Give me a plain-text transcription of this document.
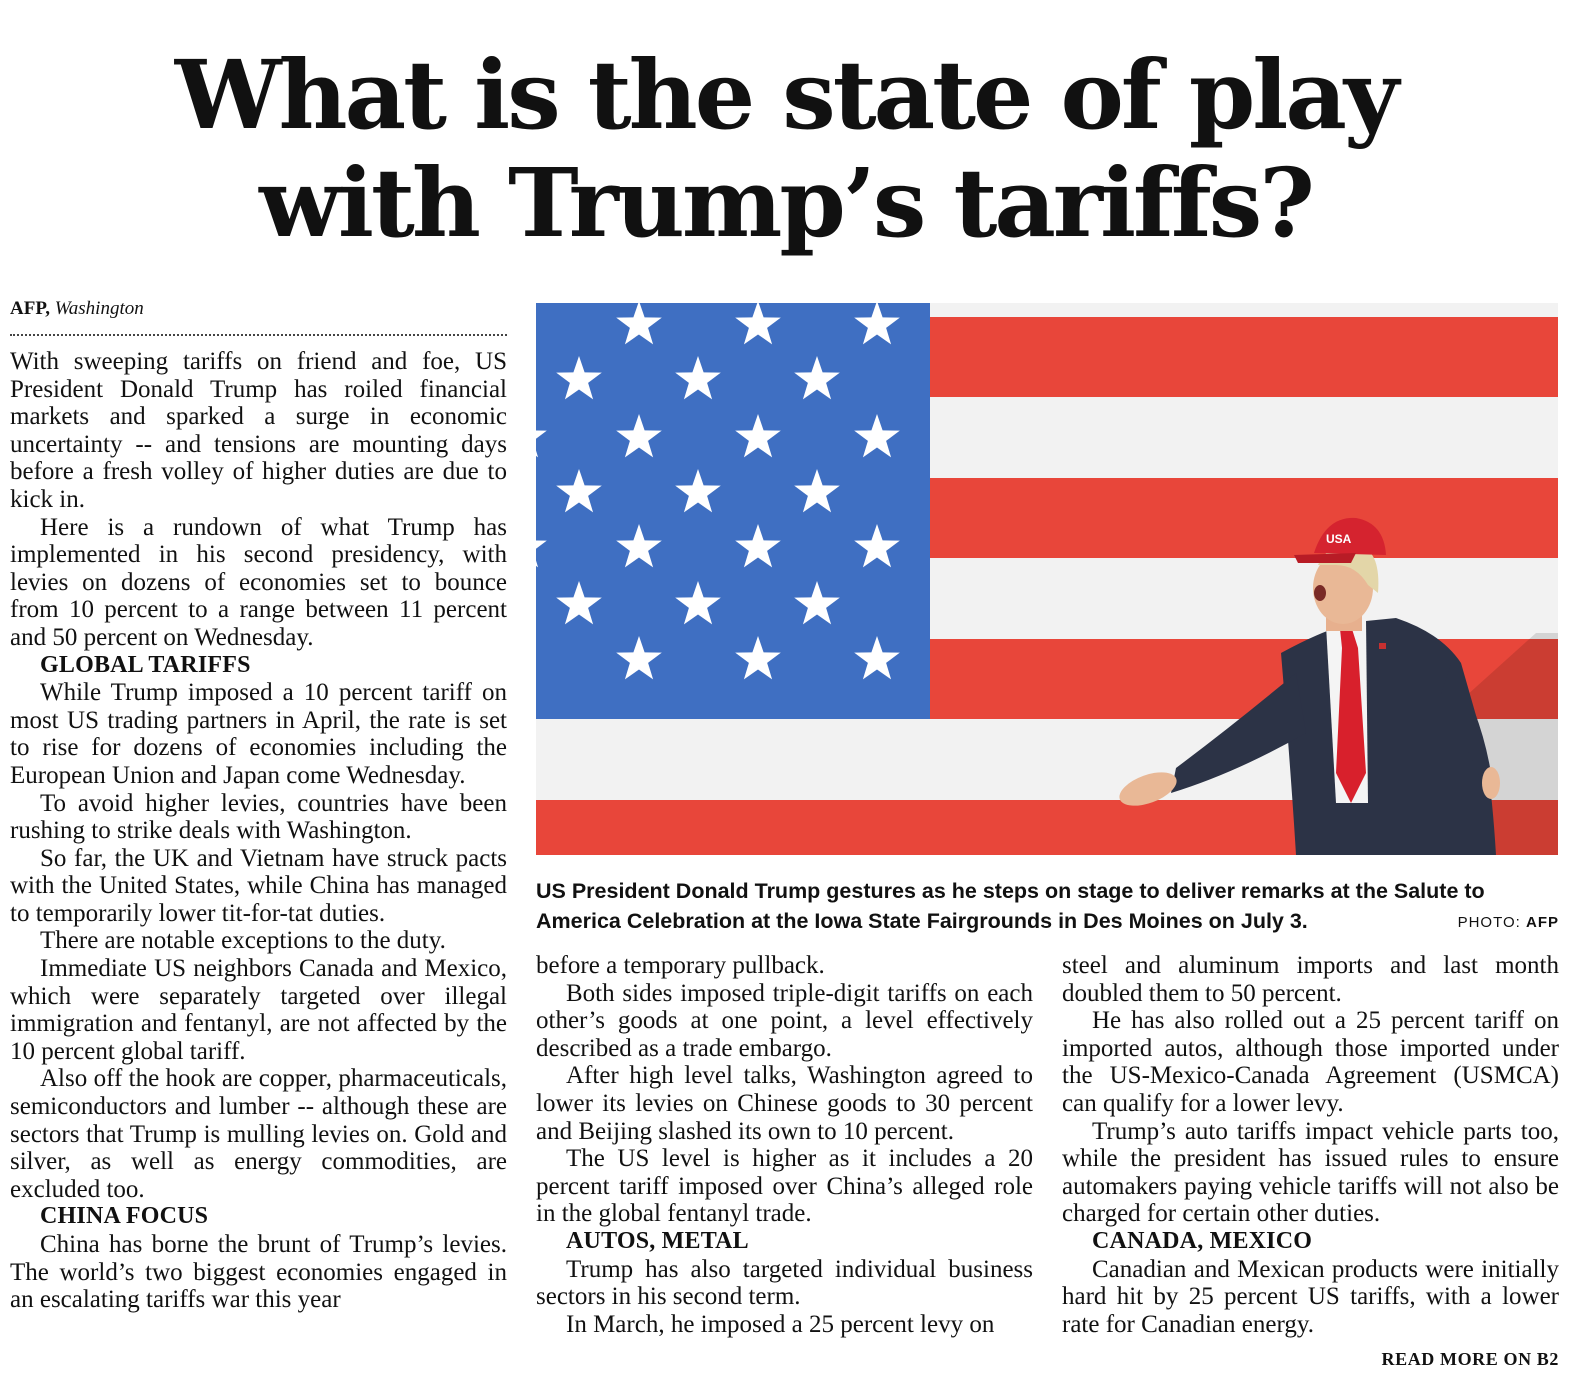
What is the state of play
with Trump’s tariffs?
AFP, Washington

With sweeping tariffs on friend and foe, US President Donald Trump has roiled financial markets and sparked a surge in economic uncertainty -- and tensions are mounting days before a fresh volley of higher duties are due to kick in.

Here is a rundown of what Trump has implemented in his second presidency, with levies on dozens of economies set to bounce from 10 percent to a range between 11 percent and 50 percent on Wednesday.

GLOBAL TARIFFS

While Trump imposed a 10 percent tariff on most US trading partners in April, the rate is set to rise for dozens of economies including the European Union and Japan come Wednesday.

To avoid higher levies, countries have been rushing to strike deals with Washington.

So far, the UK and Vietnam have struck pacts with the United States, while China has managed to temporarily lower tit-for-tat duties.

There are notable exceptions to the duty.

Immediate US neighbors Canada and Mexico, which were separately targeted over illegal immigration and fentanyl, are not affected by the 10 percent global tariff.

Also off the hook are copper, pharmaceuticals, semiconductors and lumber -- although these are sectors that Trump is mulling levies on. Gold and silver, as well as energy commodities, are excluded too.

CHINA FOCUS

China has borne the brunt of Trump’s levies. The world’s two biggest economies engaged in an escalating tariffs war this year

USA
US President Donald Trump gestures as he steps on stage to deliver remarks at the Salute to America Celebration at the Iowa State Fairgrounds in Des Moines on July 3.	PHOTO: AFP

before a temporary pullback.

Both sides imposed triple-digit tariffs on each other’s goods at one point, a level effectively described as a trade embargo.

After high level talks, Washington agreed to lower its levies on Chinese goods to 30 percent and Beijing slashed its own to 10 percent.

The US level is higher as it includes a 20 percent tariff imposed over China’s alleged role in the global fentanyl trade.

AUTOS, METAL

Trump has also targeted individual business sectors in his second term.

In March, he imposed a 25 percent levy on

steel and aluminum imports and last month doubled them to 50 percent.

He has also rolled out a 25 percent tariff on imported autos, although those imported under the US-Mexico-Canada Agreement (USMCA) can qualify for a lower levy.

Trump’s auto tariffs impact vehicle parts too, while the president has issued rules to ensure automakers paying vehicle tariffs will not also be charged for certain other duties.

CANADA, MEXICO

Canadian and Mexican products were initially hard hit by 25 percent US tariffs, with a lower rate for Canadian energy.

READ MORE ON B2
